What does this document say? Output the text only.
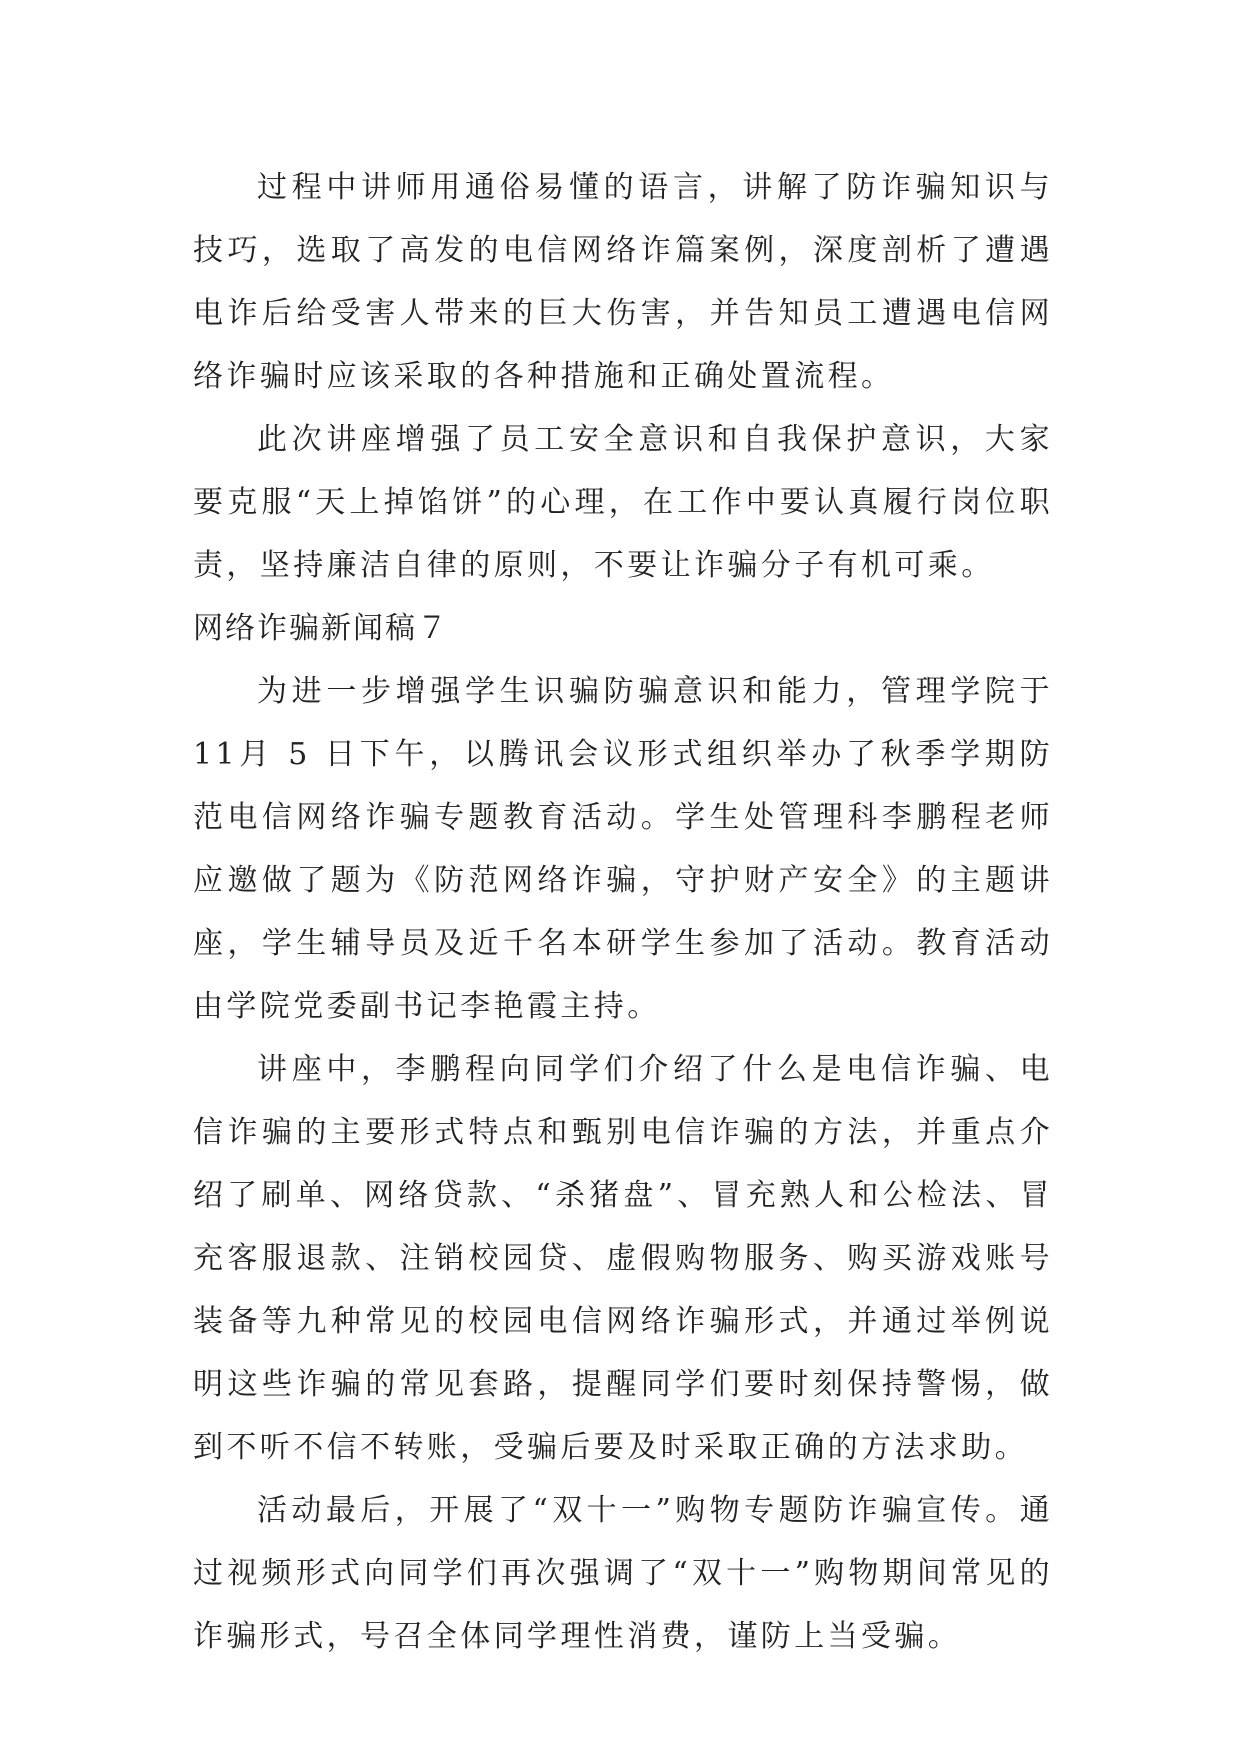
过程中讲师用通俗易懂的语言，讲解了防诈骗知识与技巧，选取了高发的电信网络诈篇案例，深度剖析了遭遇电诈后给受害人带来的巨大伤害，并告知员工遭遇电信网络诈骗时应该采取的各种措施和正确处置流程。

此次讲座增强了员工安全意识和自我保护意识，大家要克服“天上掉馅饼”的心理，在工作中要认真履行岗位职责，坚持廉洁自律的原则，不要让诈骗分子有机可乘。

网络诈骗新闻稿７

为进一步增强学生识骗防骗意识和能力，管理学院于 11月 5 日下午，以腾讯会议形式组织举办了秋季学期防范电信网络诈骗专题教育活动。学生处管理科李鹏程老师应邀做了题为《防范网络诈骗，守护财产安全》的主题讲座，学生辅导员及近千名本研学生参加了活动。教育活动由学院党委副书记李艳霞主持。

讲座中，李鹏程向同学们介绍了什么是电信诈骗、电信诈骗的主要形式特点和甄别电信诈骗的方法，并重点介绍了刷单、网络贷款、“杀猪盘”、冒充熟人和公检法、冒充客服退款、注销校园贷、虚假购物服务、购买游戏账号装备等九种常见的校园电信网络诈骗形式，并通过举例说明这些诈骗的常见套路，提醒同学们要时刻保持警惕，做到不听不信不转账，受骗后要及时采取正确的方法求助。

活动最后，开展了“双十一”购物专题防诈骗宣传。通过视频形式向同学们再次强调了“双十一”购物期间常见的诈骗形式，号召全体同学理性消费，谨防上当受骗。
